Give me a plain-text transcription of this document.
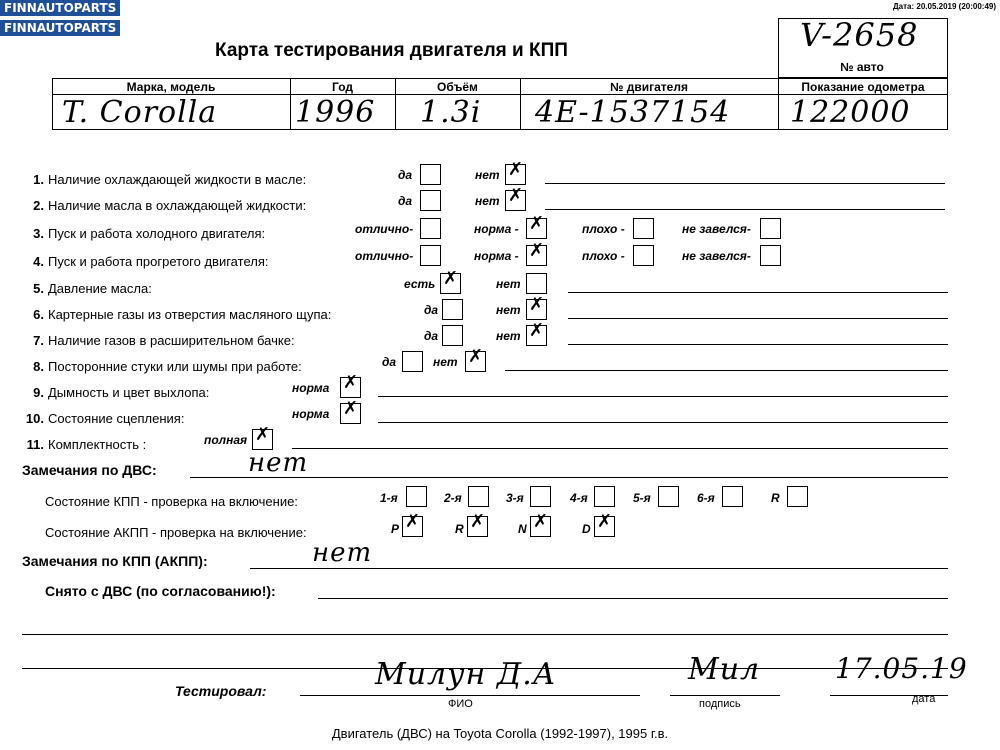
FINNAUTOPARTS
FINNAUTOPARTS
Дата: 20.05.2019 (20:00:49)
Карта тестирования двигателя и КПП	V-2658
№ авто
Марка, модель	Год	Объём	№ двигателя	Показание одометра
T. Corolla	1996 1.3i 4E-1537154 122000
1. Наличие охлаждающей жидкости в масле:	да	нет ✗
2. Наличие масла в охлаждающей жидкости:	да	нет ✗
3. Пуск и работа холодного двигателя:	отлично-	норма - ✗	плохо -	не завелся-
4. Пуск и работа прогретого двигателя:	отлично-	норма - ✗	плохо -	не завелся-
5. Давление масла:	есть ✗	нет
6. Картерные газы из отверстия масляного щупа:	да	нет ✗
7. Наличие газов в расширительном бачке:	да	нет ✗
8. Посторонние стуки или шумы при работе:	да	нет ✗
9. Дымность и цвет выхлопа:	норма ✗
10. Состояние сцепления:	норма ✗
11. Комплектность :	полная ✗
Замечания по ДВС:	нет
Состояние КПП - проверка на включение:	1-я	2-я	3-я	4-я	5-я	6-я	R
Состояние АКПП - проверка на включение:	P ✗	R ✗	N ✗	D ✗
Замечания по КПП (АКПП):	нет
Снято с ДВС (по согласованию!):
Тестировал:	Милун Д.А	Мил	17.05.19
ФИО	подпись	дата
Двигатель (ДВС) на Toyota Corolla (1992-1997), 1995 г.в.
